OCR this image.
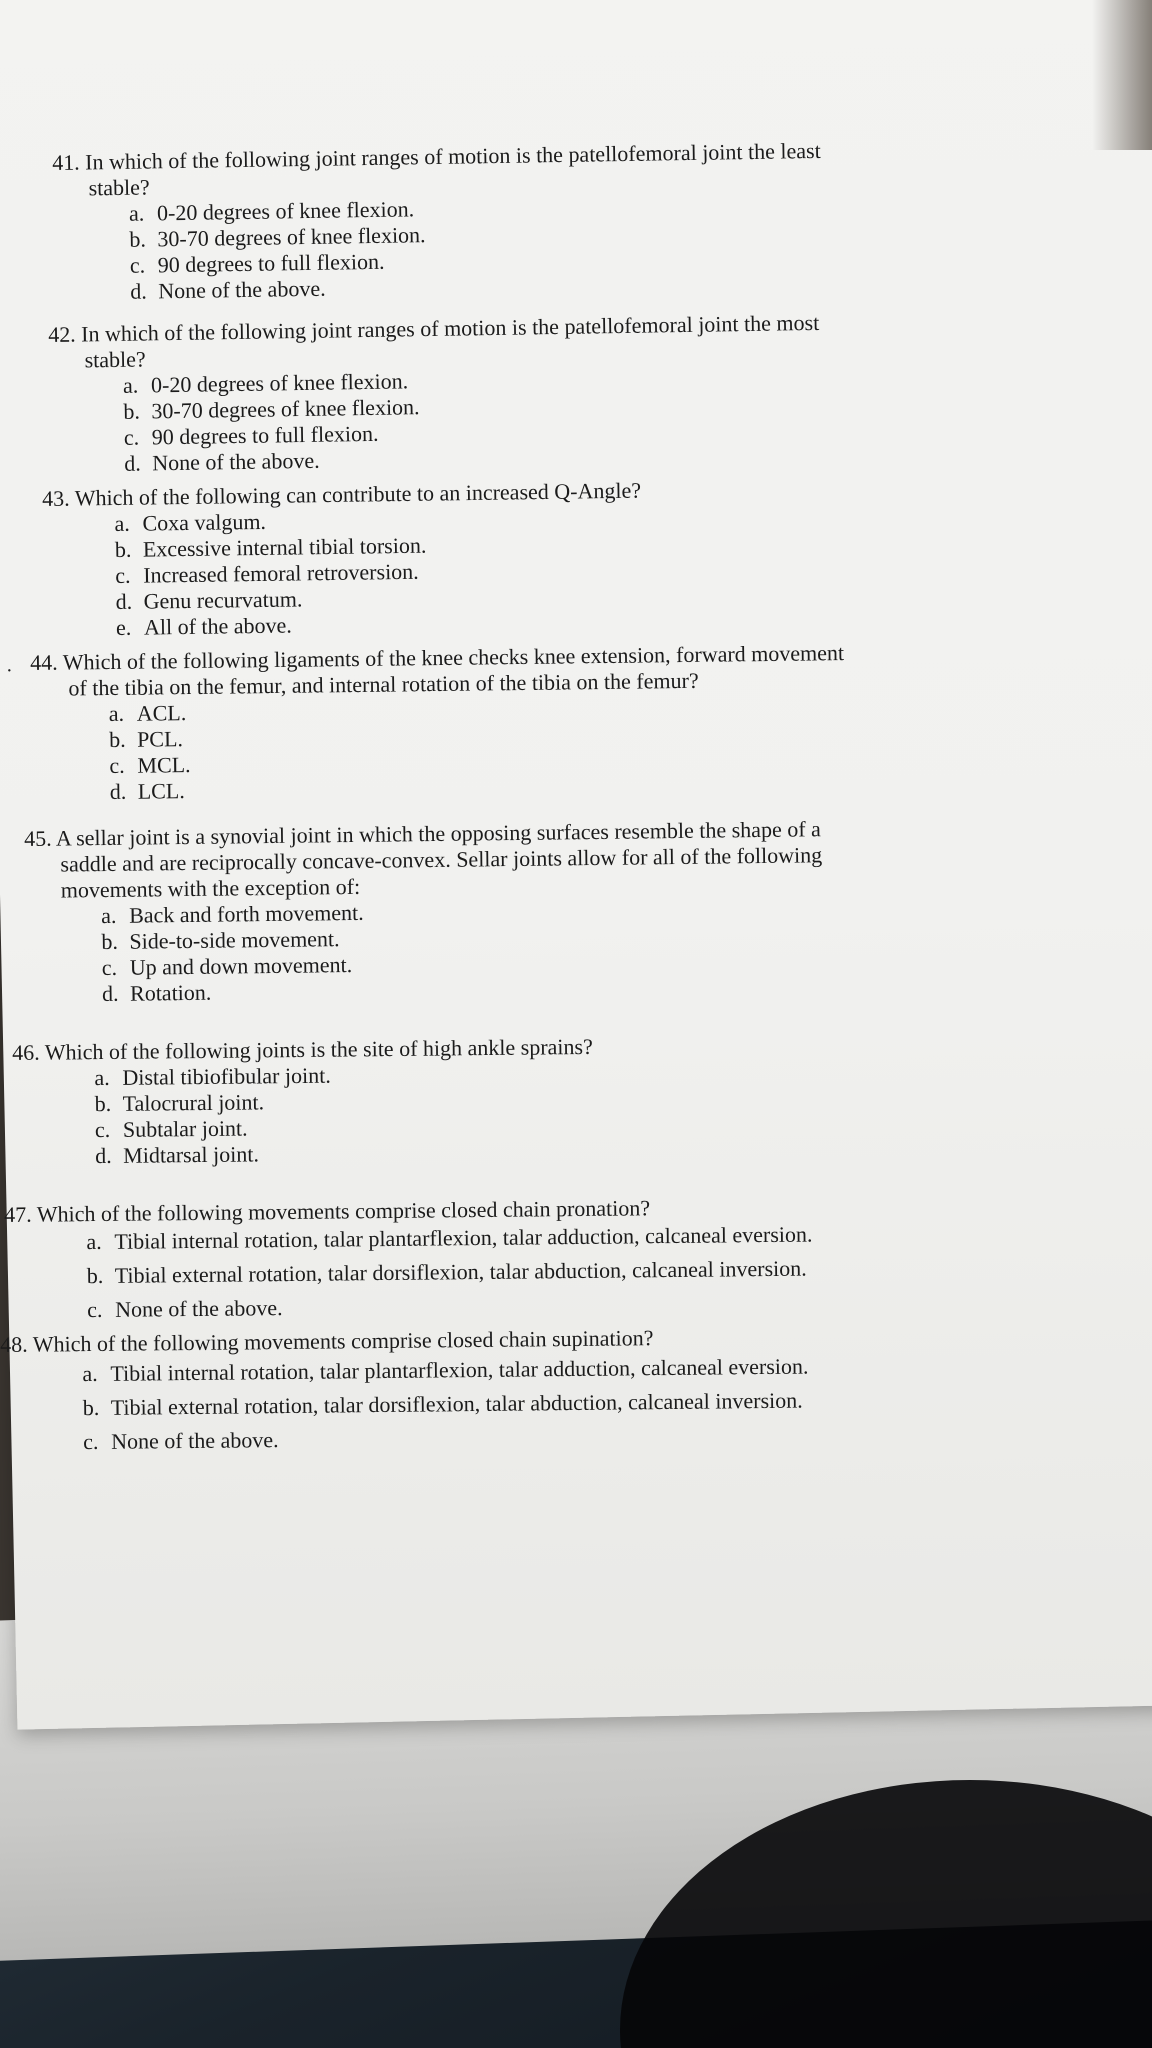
41. In which of the following joint ranges of motion is the patellofemoral joint the least
stable?
a. 0-20 degrees of knee flexion.
b. 30-70 degrees of knee flexion.
c. 90 degrees to full flexion.
d. None of the above.
42. In which of the following joint ranges of motion is the patellofemoral joint the most
stable?
a. 0-20 degrees of knee flexion.
b. 30-70 degrees of knee flexion.
c. 90 degrees to full flexion.
d. None of the above.
43. Which of the following can contribute to an increased Q-Angle?
a. Coxa valgum.
b. Excessive internal tibial torsion.
c. Increased femoral retroversion.
d. Genu recurvatum.
e. All of the above.
· 44. Which of the following ligaments of the knee checks knee extension, forward movement
of the tibia on the femur, and internal rotation of the tibia on the femur?
a. ACL.
b. PCL.
c. MCL.
d. LCL.
45. A sellar joint is a synovial joint in which the opposing surfaces resemble the shape of a
saddle and are reciprocally concave-convex. Sellar joints allow for all of the following
movements with the exception of:
a. Back and forth movement.
b. Side-to-side movement.
c. Up and down movement.
d. Rotation.
46. Which of the following joints is the site of high ankle sprains?
a. Distal tibiofibular joint.
b. Talocrural joint.
c. Subtalar joint.
d. Midtarsal joint.
47. Which of the following movements comprise closed chain pronation?
a. Tibial internal rotation, talar plantarflexion, talar adduction, calcaneal eversion.
b. Tibial external rotation, talar dorsiflexion, talar abduction, calcaneal inversion.
c. None of the above.
48. Which of the following movements comprise closed chain supination?
a. Tibial internal rotation, talar plantarflexion, talar adduction, calcaneal eversion.
b. Tibial external rotation, talar dorsiflexion, talar abduction, calcaneal inversion.
c. None of the above.
